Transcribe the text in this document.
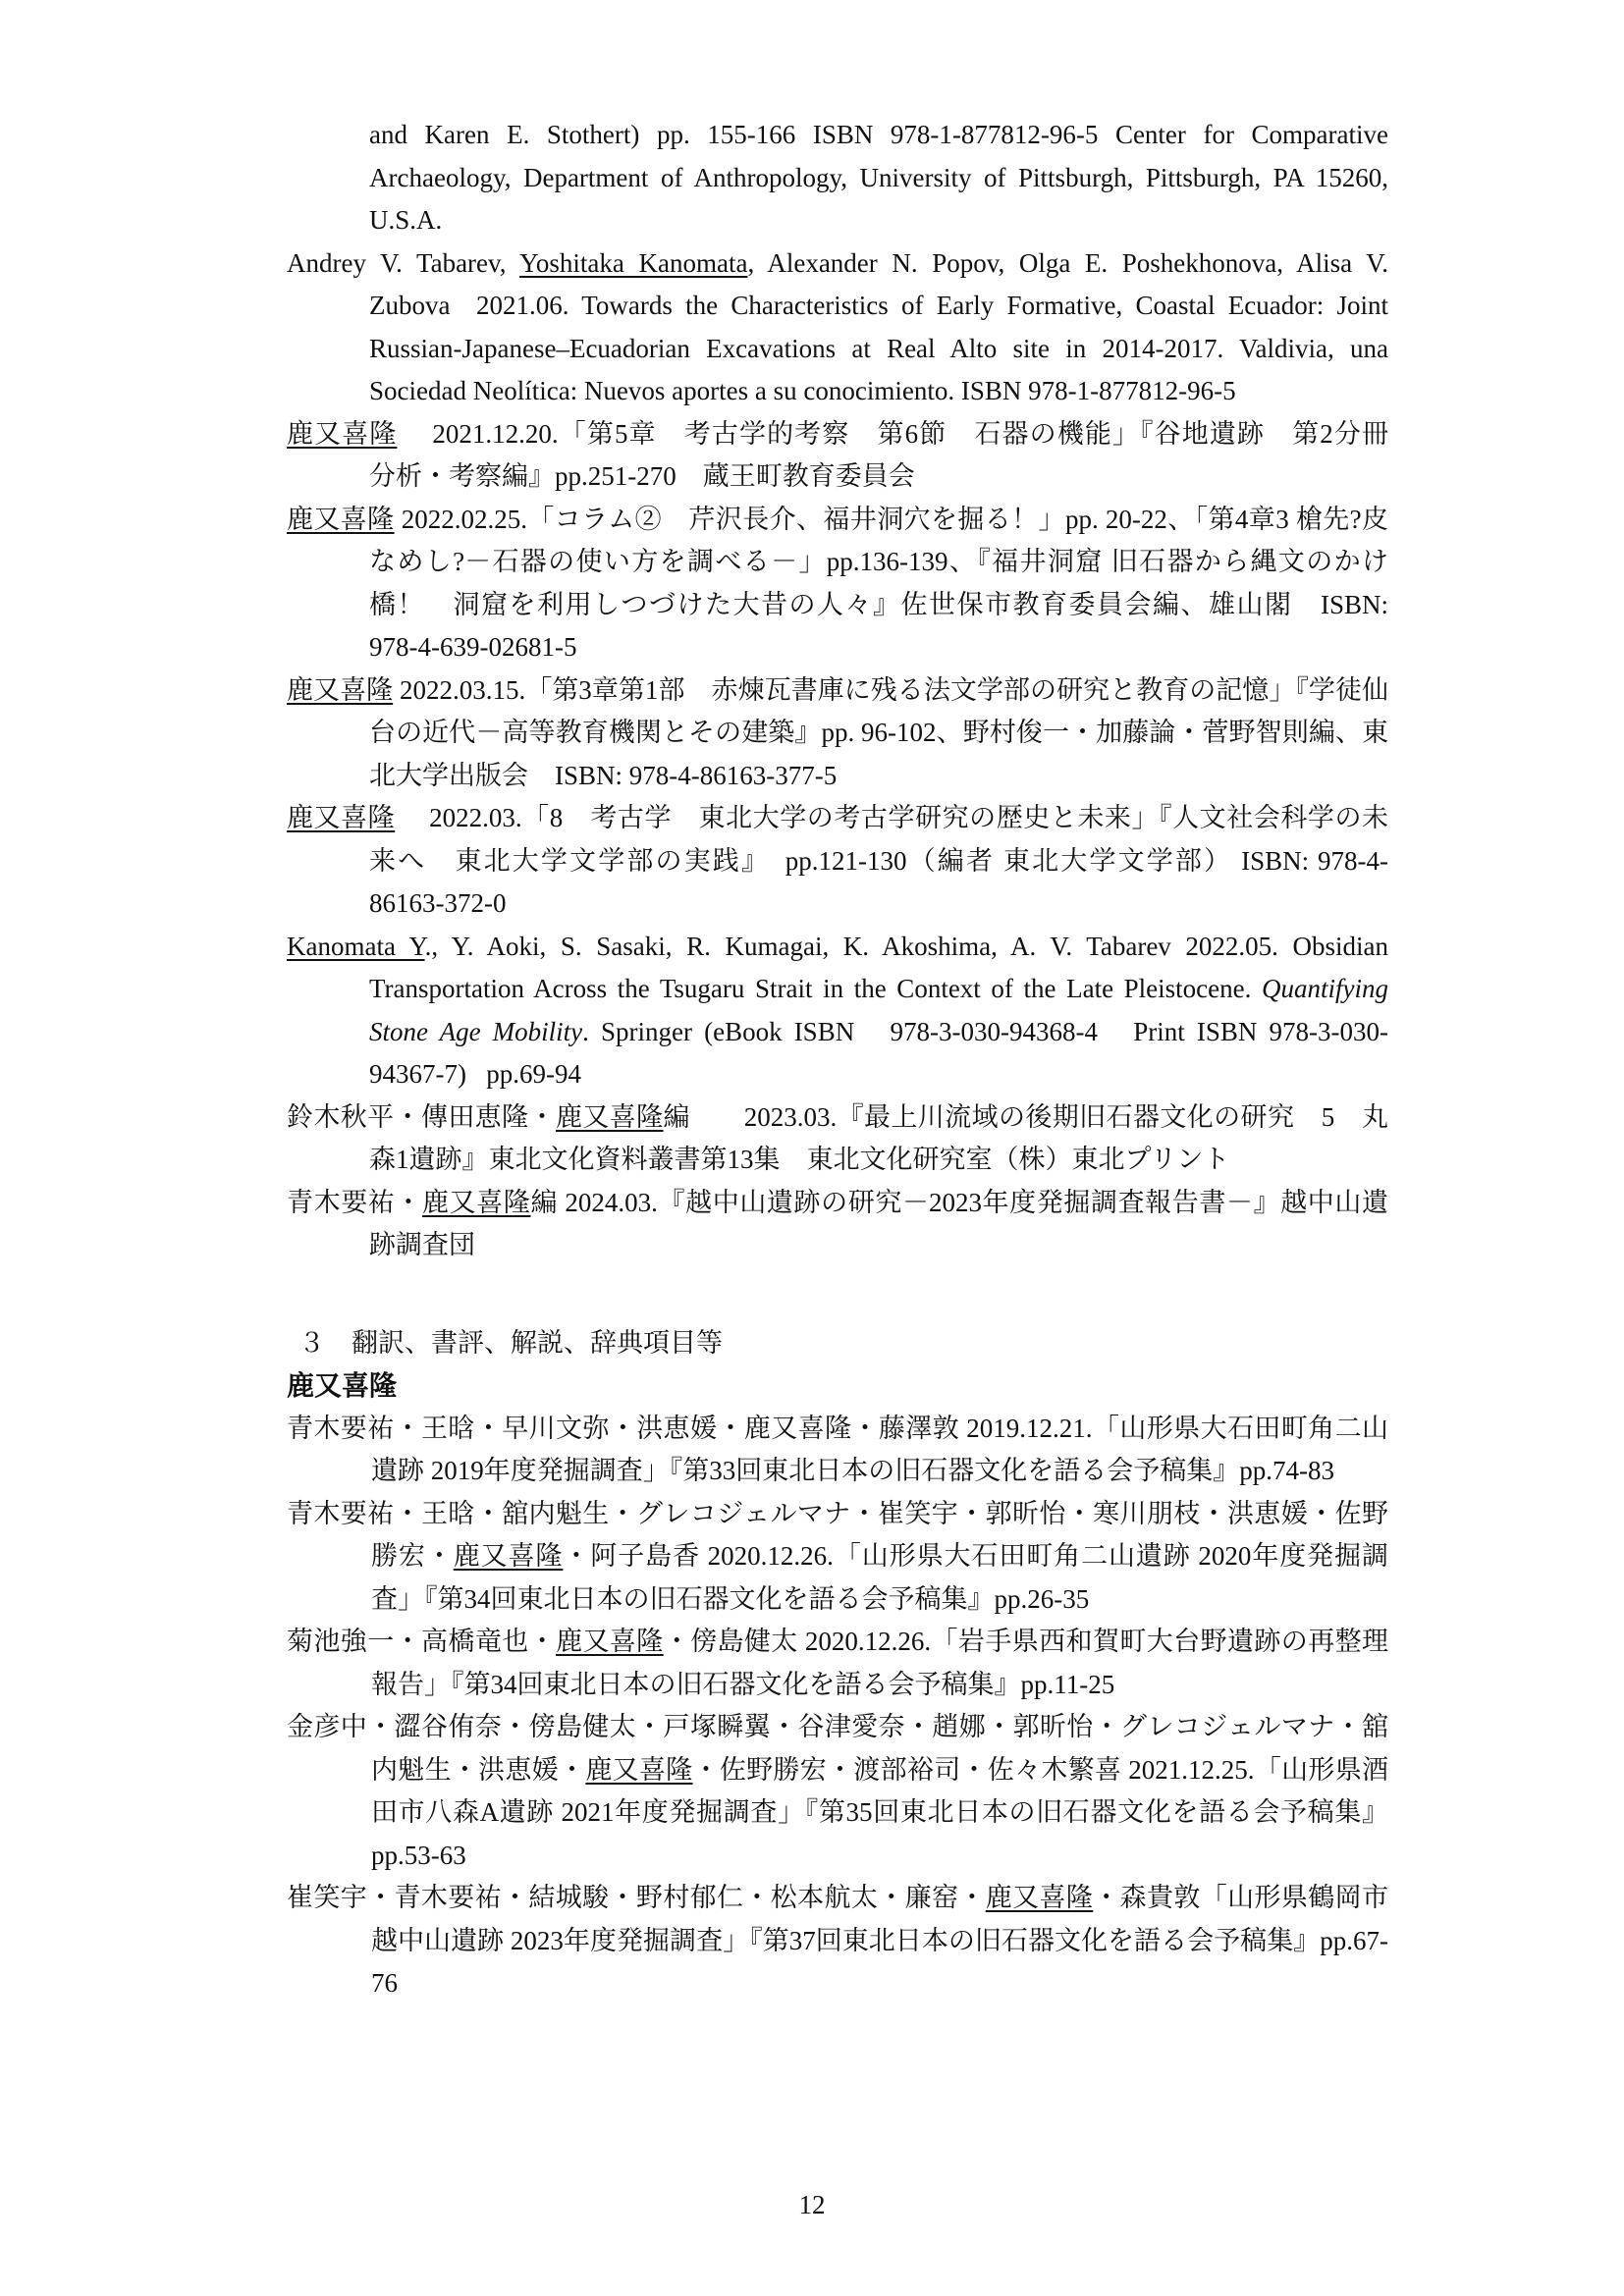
and Karen E. Stothert) pp. 155-166 ISBN 978-1-877812-96-5 Center for Comparative Archaeology, Department of Anthropology, University of Pittsburgh, Pittsburgh, PA 15260, U.S.A.

Andrey V. Tabarev, Yoshitaka Kanomata, Alexander N. Popov, Olga E. Poshekhonova, Alisa V. Zubova  2021.06. Towards the Characteristics of Early Formative, Coastal Ecuador: Joint Russian-Japanese–Ecuadorian Excavations at Real Alto site in 2014-2017. Valdivia, una Sociedad Neolítica: Nuevos aportes a su conocimiento. ISBN 978-1-877812-96-5

鹿又喜隆　 2021.12.20.「第5章　考古学的考察　第6節　石器の機能」『谷地遺跡　第2分冊　分析・考察編』pp.251-270　蔵王町教育委員会

鹿又喜隆 2022.02.25.「コラム②　芹沢長介、福井洞穴を掘る！」pp. 20-22、「第4章3 槍先?皮なめし?－石器の使い方を調べる－」pp.136-139、『福井洞窟 旧石器から縄文のかけ橋！　洞窟を利用しつづけた大昔の人々』佐世保市教育委員会編、雄山閣　ISBN: 978-4-639-02681-5

鹿又喜隆 2022.03.15.「第3章第1部　赤煉瓦書庫に残る法文学部の研究と教育の記憶」『学徒仙台の近代－高等教育機関とその建築』pp. 96-102、野村俊一・加藤論・菅野智則編、東北大学出版会　ISBN: 978-4-86163-377-5

鹿又喜隆　 2022.03.「8　考古学　東北大学の考古学研究の歴史と未来」『人文社会科学の未来へ　東北大学文学部の実践』　pp.121-130（編者 東北大学文学部） ISBN: 978-4-86163-372-0

Kanomata Y., Y. Aoki, S. Sasaki, R. Kumagai, K. Akoshima, A. V. Tabarev 2022.05. Obsidian Transportation Across the Tsugaru Strait in the Context of the Late Pleistocene. Quantifying Stone Age Mobility. Springer (eBook ISBN   978-3-030-94368-4   Print ISBN 978-3-030-94367-7)   pp.69-94

鈴木秋平・傳田恵隆・鹿又喜隆編　　2023.03.『最上川流域の後期旧石器文化の研究　5　丸森1遺跡』東北文化資料叢書第13集　東北文化研究室（株）東北プリント

青木要祐・鹿又喜隆編 2024.03.『越中山遺跡の研究－2023年度発掘調査報告書－』越中山遺跡調査団

３　翻訳、書評、解説、辞典項目等

鹿又喜隆

青木要祐・王晗・早川文弥・洪恵媛・鹿又喜隆・藤澤敦 2019.12.21.「山形県大石田町角二山遺跡 2019年度発掘調査」『第33回東北日本の旧石器文化を語る会予稿集』pp.74-83

青木要祐・王晗・舘内魁生・グレコジェルマナ・崔笑宇・郭昕怡・寒川朋枝・洪恵媛・佐野勝宏・鹿又喜隆・阿子島香 2020.12.26.「山形県大石田町角二山遺跡 2020年度発掘調査」『第34回東北日本の旧石器文化を語る会予稿集』pp.26-35

菊池強一・高橋竜也・鹿又喜隆・傍島健太 2020.12.26.「岩手県西和賀町大台野遺跡の再整理報告」『第34回東北日本の旧石器文化を語る会予稿集』pp.11-25

金彦中・澀谷侑奈・傍島健太・戸塚瞬翼・谷津愛奈・趙娜・郭昕怡・グレコジェルマナ・舘内魁生・洪恵媛・鹿又喜隆・佐野勝宏・渡部裕司・佐々木繁喜 2021.12.25.「山形県酒田市八森A遺跡 2021年度発掘調査」『第35回東北日本の旧石器文化を語る会予稿集』pp.53-63

崔笑宇・青木要祐・結城駿・野村郁仁・松本航太・廉窑・鹿又喜隆・森貴敦「山形県鶴岡市越中山遺跡 2023年度発掘調査」『第37回東北日本の旧石器文化を語る会予稿集』pp.67-76

12
